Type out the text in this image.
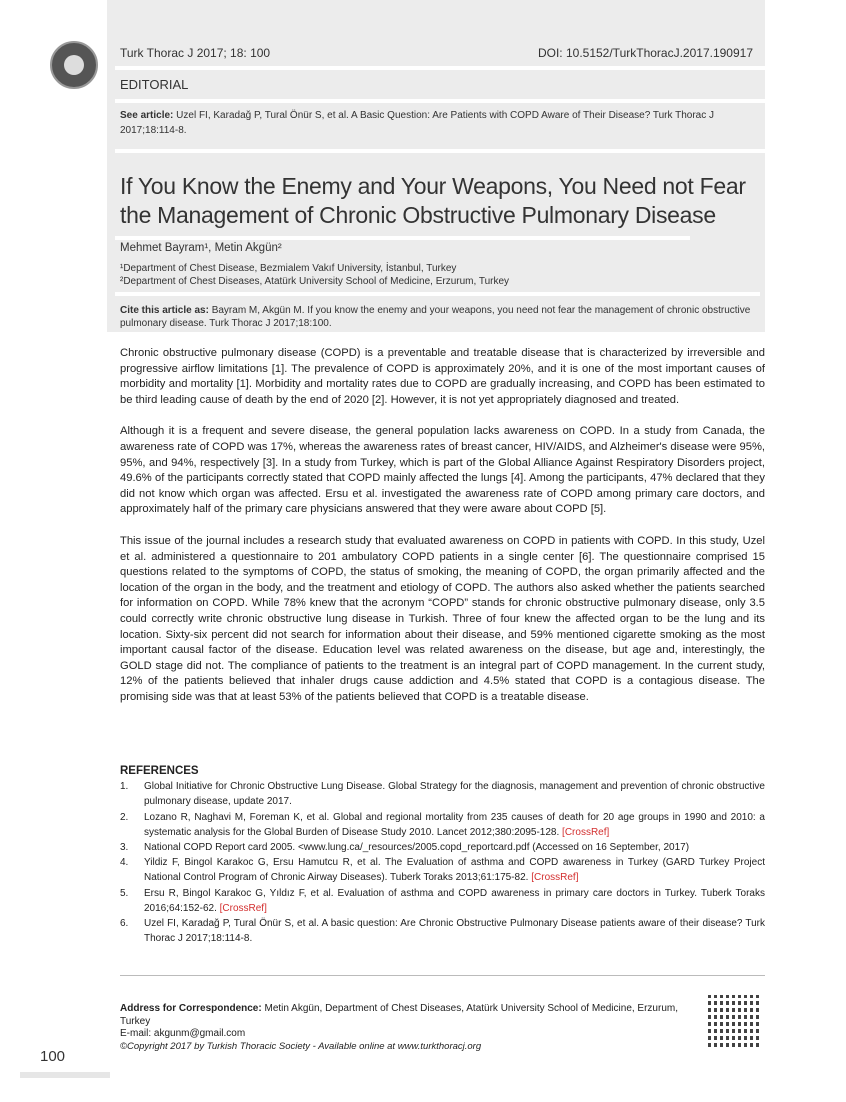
Turk Thorac J 2017; 18: 100	DOI: 10.5152/TurkThoracJ.2017.190917
EDITORIAL
See article: Uzel FI, Karadağ P, Tural Önür S, et al. A Basic Question: Are Patients with COPD Aware of Their Disease? Turk Thorac J 2017;18:114-8.
If You Know the Enemy and Your Weapons, You Need not Fear the Management of Chronic Obstructive Pulmonary Disease
Mehmet Bayram¹, Metin Akgün²
¹Department of Chest Disease, Bezmialem Vakıf University, İstanbul, Turkey
²Department of Chest Diseases, Atatürk University School of Medicine, Erzurum, Turkey
Cite this article as: Bayram M, Akgün M. If you know the enemy and your weapons, you need not fear the management of chronic obstructive pulmonary disease. Turk Thorac J 2017;18:100.

Chronic obstructive pulmonary disease (COPD) is a preventable and treatable disease that is characterized by irreversible and progressive airflow limitations [1]. The prevalence of COPD is approximately 20%, and it is one of the most important causes of morbidity and mortality [1]. Morbidity and mortality rates due to COPD are gradually increasing, and COPD has been estimated to be third leading cause of death by the end of 2020 [2]. However, it is not yet appropriately diagnosed and treated.

Although it is a frequent and severe disease, the general population lacks awareness on COPD. In a study from Canada, the awareness rate of COPD was 17%, whereas the awareness rates of breast cancer, HIV/AIDS, and Alzheimer's disease were 95%, 95%, and 94%, respectively [3]. In a study from Turkey, which is part of the Global Alliance Against Respiratory Disorders project, 49.6% of the participants correctly stated that COPD mainly affected the lungs [4]. Among the participants, 47% declared that they did not know which organ was affected. Ersu et al. investigated the awareness rate of COPD among primary care doctors, and approximately half of the primary care physicians answered that they were aware about COPD [5].

This issue of the journal includes a research study that evaluated awareness on COPD in patients with COPD. In this study, Uzel et al. administered a questionnaire to 201 ambulatory COPD patients in a single center [6]. The questionnaire comprised 15 questions related to the symptoms of COPD, the status of smoking, the meaning of COPD, the organ primarily affected and the location of the organ in the body, and the treatment and etiology of COPD. The authors also asked whether the patients searched for information on COPD. While 78% knew that the acronym “COPD” stands for chronic obstructive pulmonary disease, only 3.5 could correctly write chronic obstructive lung disease in Turkish. Three of four knew the affected organ to be the lung and its location. Sixty-six percent did not search for information about their disease, and 59% mentioned cigarette smoking as the most important causal factor of the disease. Education level was related awareness on the disease, but age and, interestingly, the GOLD stage did not. The compliance of patients to the treatment is an integral part of COPD management. In the current study, 12% of the patients believed that inhaler drugs cause addiction and 4.5% stated that COPD is a contagious disease. The promising side was that at least 53% of the patients believed that COPD is a treatable disease.

REFERENCES
1.	Global Initiative for Chronic Obstructive Lung Disease. Global Strategy for the diagnosis, management and prevention of chronic obstructive pulmonary disease, update 2017.
2.	Lozano R, Naghavi M, Foreman K, et al. Global and regional mortality from 235 causes of death for 20 age groups in 1990 and 2010: a systematic analysis for the Global Burden of Disease Study 2010. Lancet 2012;380:2095-128. [CrossRef]
3.	National COPD Report card 2005. <www.lung.ca/_resources/2005.copd_reportcard.pdf (Accessed on 16 September, 2017)
4.	Yildiz F, Bingol Karakoc G, Ersu Hamutcu R, et al. The Evaluation of asthma and COPD awareness in Turkey (GARD Turkey Project National Control Program of Chronic Airway Diseases). Tuberk Toraks 2013;61:175-82. [CrossRef]
5.	Ersu R, Bingol Karakoc G, Yıldız F, et al. Evaluation of asthma and COPD awareness in primary care doctors in Turkey. Tuberk Toraks 2016;64:152-62. [CrossRef]
6.	Uzel FI, Karadağ P, Tural Önür S, et al. A basic question: Are Chronic Obstructive Pulmonary Disease patients aware of their disease? Turk Thorac J 2017;18:114-8.
Address for Correspondence: Metin Akgün, Department of Chest Diseases, Atatürk University School of Medicine, Erzurum, Turkey
E-mail: akgunm@gmail.com
©Copyright 2017 by Turkish Thoracic Society - Available online at www.turkthoracj.org
100
